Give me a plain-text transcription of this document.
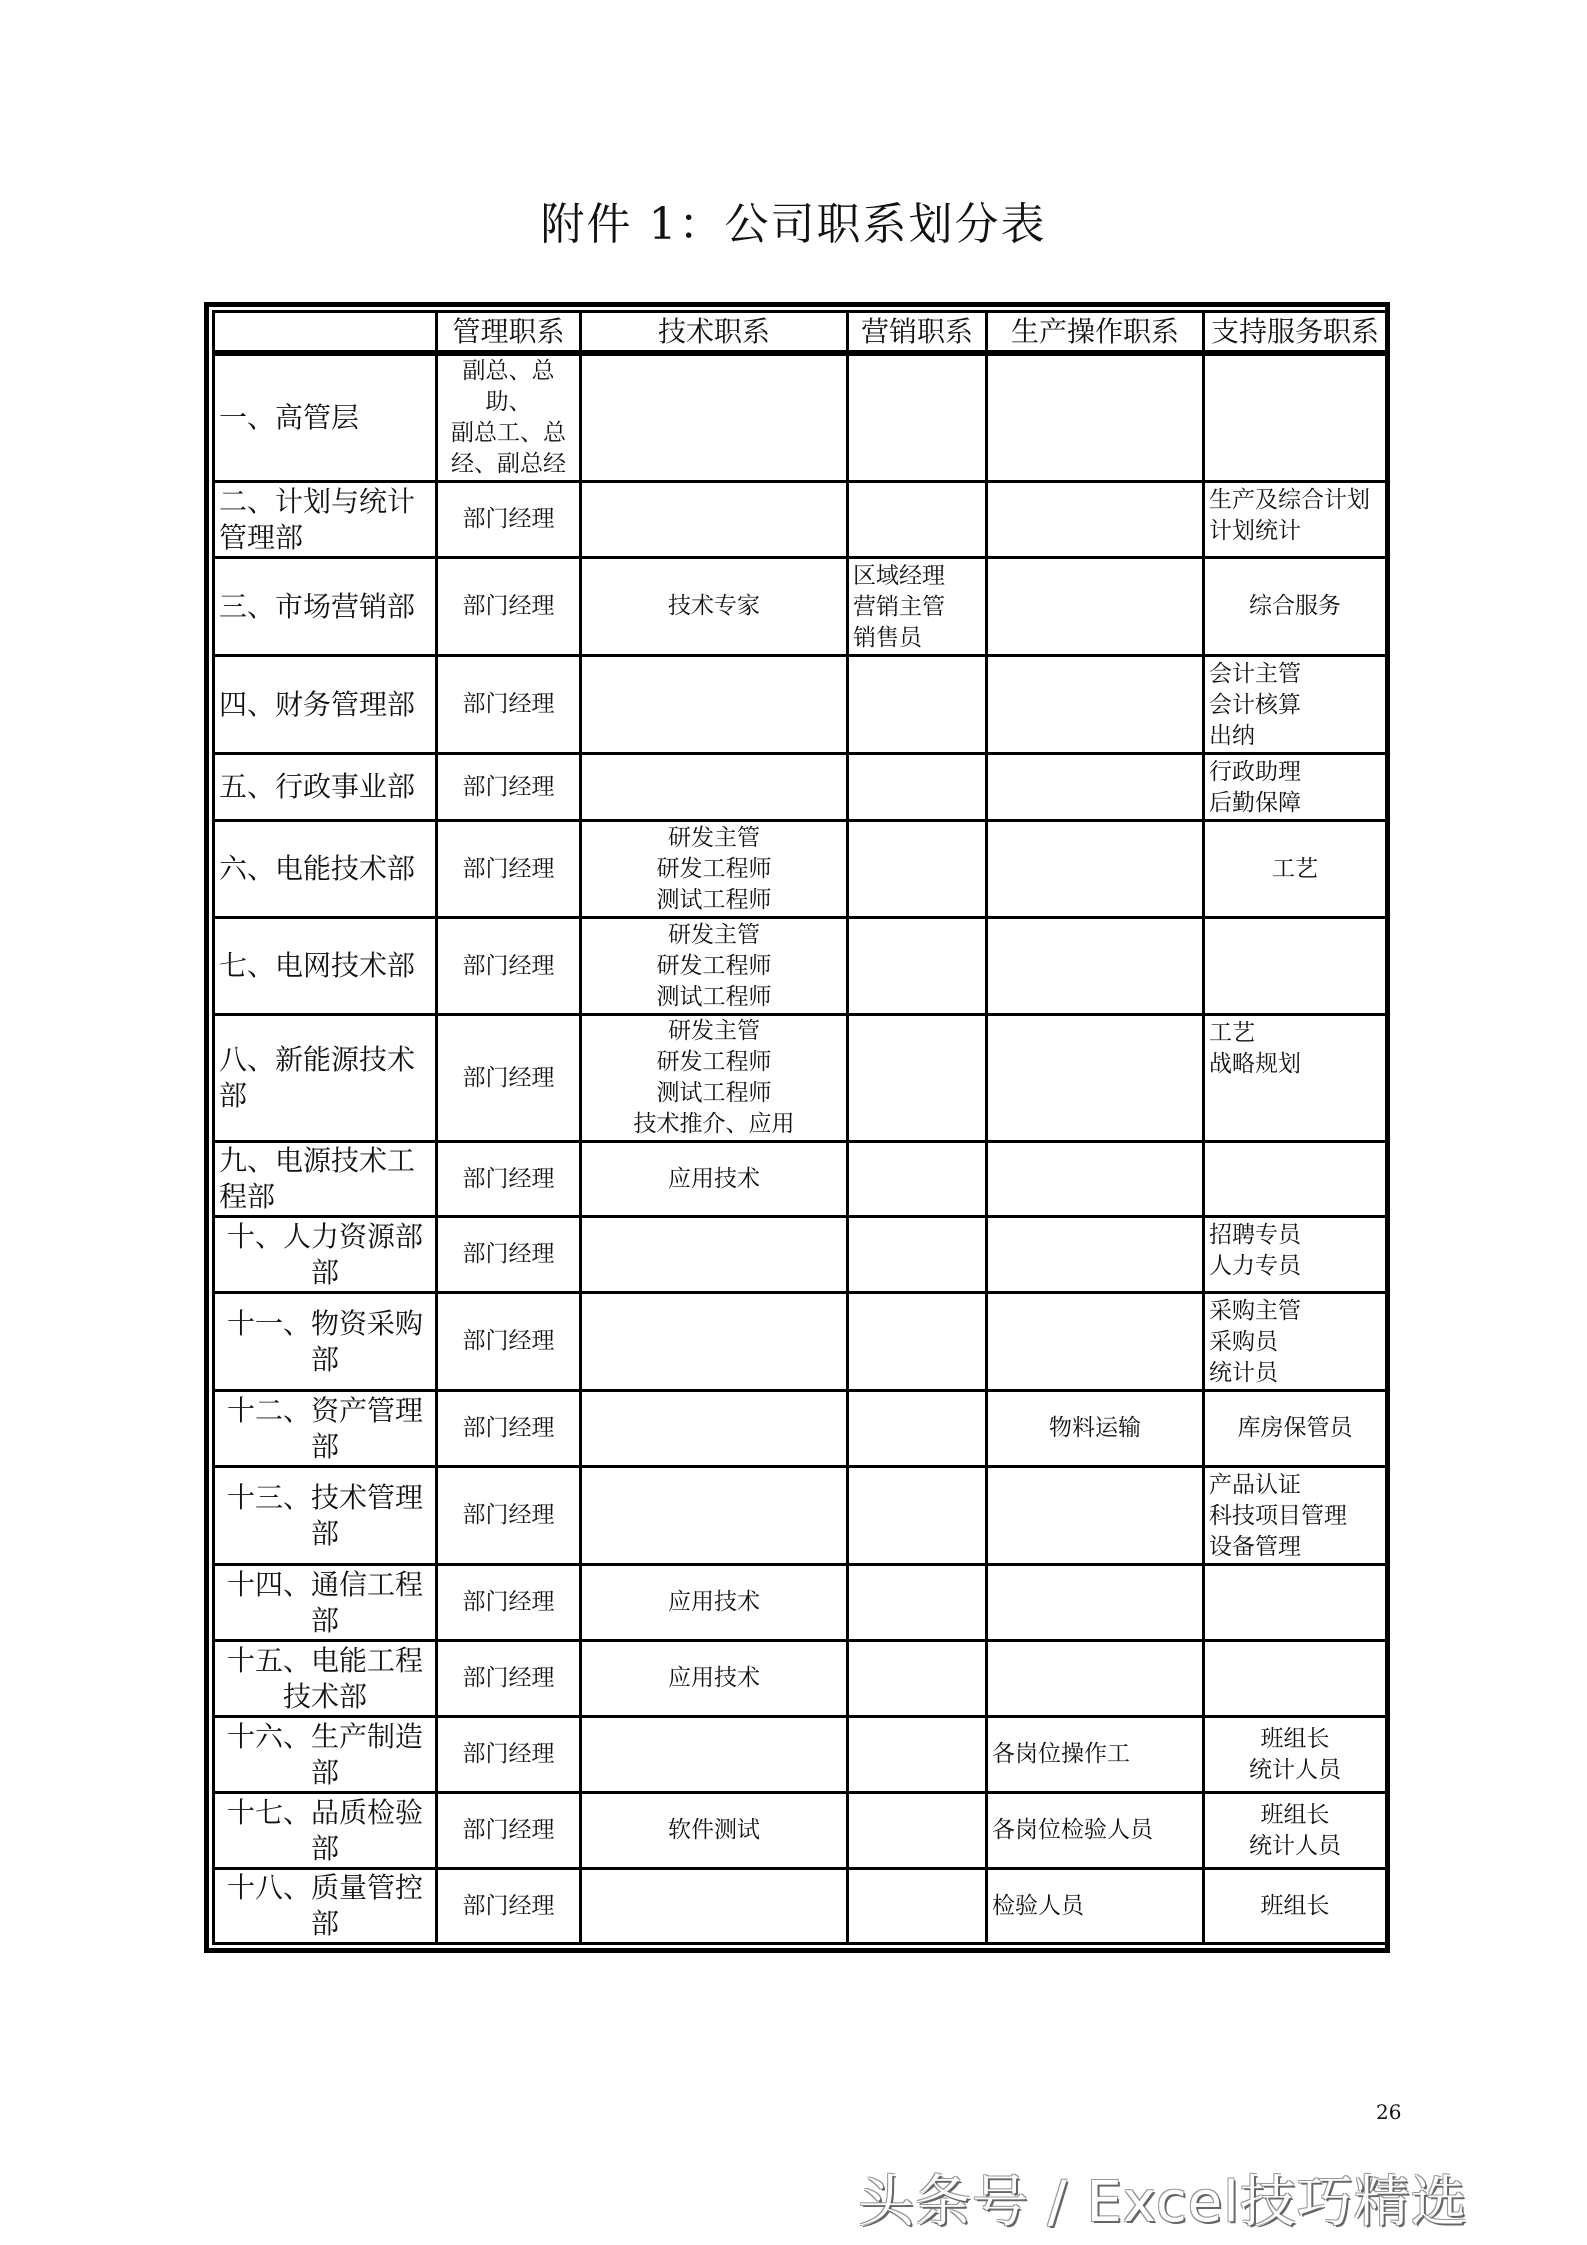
附件 1：公司职系划分表
	管理职系	技术职系	营销职系	生产操作职系	支持服务职系
一、高管层	副总、总助、
副总工、总
经、副总经				

二、计划与统计管理部	部门经理				生产及综合计划
计划统计

三、市场营销部	部门经理	技术专家	区域经理
营销主管
销售员		综合服务

四、财务管理部	部门经理				会计主管
会计核算
出纳

五、行政事业部	部门经理				行政助理
后勤保障

六、电能技术部	部门经理	研发主管
研发工程师
测试工程师			工艺

七、电网技术部	部门经理	研发主管
研发工程师
测试工程师			

八、新能源技术部	部门经理	研发主管
研发工程师
测试工程师
技术推介、应用			工艺
战略规划

九、电源技术工程部	部门经理	应用技术			

十、人力资源部部	部门经理				招聘专员
人力专员

十一、物资采购部	部门经理				采购主管
采购员
统计员

十二、资产管理部	部门经理			物料运输	库房保管员

十三、技术管理部	部门经理				产品认证
科技项目管理
设备管理

十四、通信工程部	部门经理	应用技术			

十五、电能工程技术部	部门经理	应用技术			

十六、生产制造部	部门经理			各岗位操作工	班组长
统计人员

十七、品质检验部	部门经理	软件测试		各岗位检验人员	班组长
统计人员

十八、质量管控部	部门经理			检验人员	班组长
26
头条号 / Excel技巧精选
